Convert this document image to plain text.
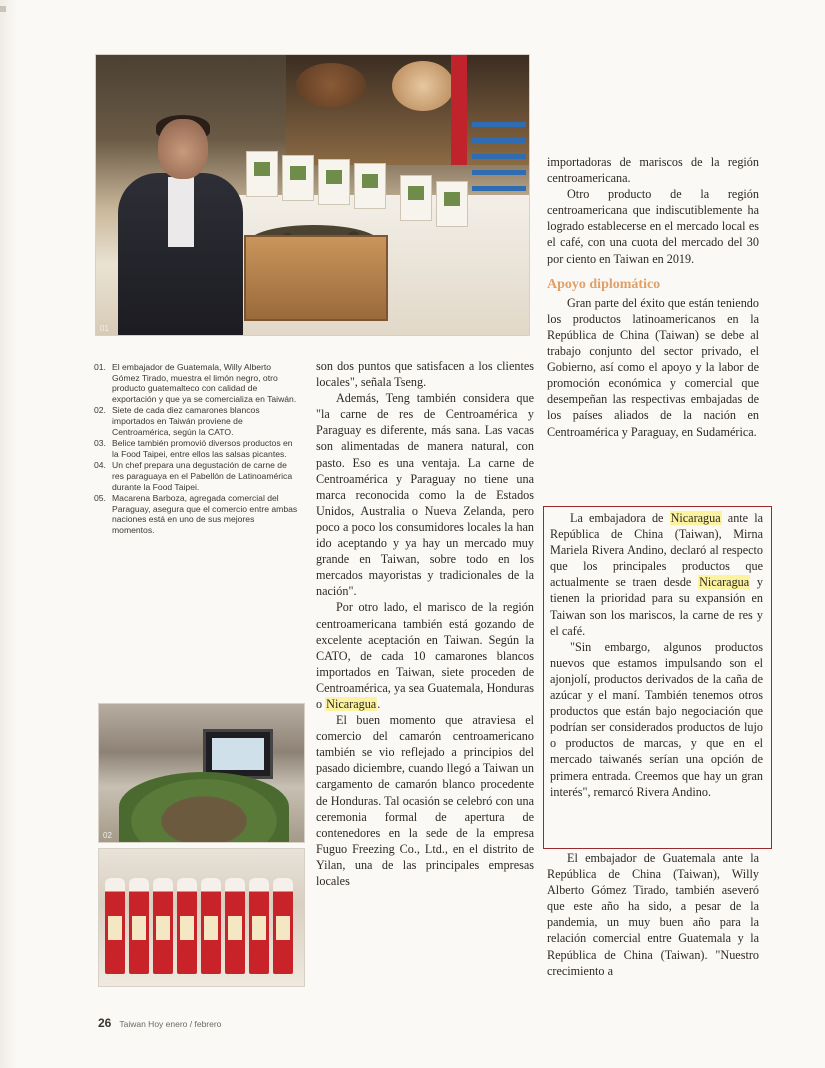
01
01. El embajador de Guatemala, Willy Alberto Gómez Tirado, muestra el limón negro, otro producto guatemalteco con calidad de exportación y que ya se comercializa en Taiwán.
02. Siete de cada diez camarones blancos importados en Taiwán proviene de Centroamérica, según la CATO.
03. Belice también promovió diversos productos en la Food Taipei, entre ellos las salsas picantes.
04. Un chef prepara una degustación de carne de res paraguaya en el Pabellón de Latinoamérica durante la Food Taipei.
05. Macarena Barboza, agregada comercial del Paraguay, asegura que el comercio entre ambas naciones está en uno de sus mejores momentos.
02
03

son dos puntos que satisfacen a los clientes locales", señala Tseng.

Además, Teng también considera que "la carne de res de Centroamérica y Paraguay es diferente, más sana. Las vacas son alimentadas de manera natural, con pasto. Eso es una ventaja. La carne de Centroamérica y Paraguay no tiene una marca reconocida como la de Estados Unidos, Australia o Nueva Zelanda, pero poco a poco los consumidores locales la han ido aceptando y ya hay un mercado muy grande en Taiwan, sobre todo en los mercados mayoristas y tradicionales de la nación".

Por otro lado, el marisco de la región centroamericana también está gozando de excelente aceptación en Taiwan. Según la CATO, de cada 10 camarones blancos importados en Taiwan, siete proceden de Centroamérica, ya sea Guatemala, Honduras o Nicaragua.

El buen momento que atraviesa el comercio del camarón centroamericano también se vio reflejado a principios del pasado diciembre, cuando llegó a Taiwan un cargamento de camarón blanco procedente de Honduras. Tal ocasión se celebró con una ceremonia formal de apertura de contenedores en la sede de la empresa Fuguo Freezing Co., Ltd., en el distrito de Yilan, una de las principales empresas locales

importadoras de mariscos de la región centroamericana.

Otro producto de la región centroamericana que indiscutiblemente ha logrado establecerse en el mercado local es el café, con una cuota del mercado del 30 por ciento en Taiwan en 2019.

Apoyo diplomático

Gran parte del éxito que están teniendo los productos latinoamericanos en la República de China (Taiwan) se debe al trabajo conjunto del sector privado, el Gobierno, así como el apoyo y la labor de promoción económica y comercial que desempeñan las respectivas embajadas de los países aliados de la nación en Centroamérica y Paraguay, en Sudamérica.

La embajadora de Nicaragua ante la República de China (Taiwan), Mirna Mariela Rivera Andino, declaró al respecto que los principales productos que actualmente se traen desde Nicaragua y tienen la prioridad para su expansión en Taiwan son los mariscos, la carne de res y el café.

"Sin embargo, algunos productos nuevos que estamos impulsando son el ajonjolí, productos derivados de la caña de azúcar y el maní. También tenemos otros productos que están bajo negociación que podrían ser considerados productos de lujo o productos de marcas, y que en el mercado taiwanés serían una opción de primera entrada. Creemos que hay un gran interés", remarcó Rivera Andino.

El embajador de Guatemala ante la República de China (Taiwan), Willy Alberto Gómez Tirado, también aseveró que este año ha sido, a pesar de la pandemia, un muy buen año para la relación comercial entre Guatemala y la República de China (Taiwan). "Nuestro crecimiento a

26 Taiwan Hoy enero / febrero
